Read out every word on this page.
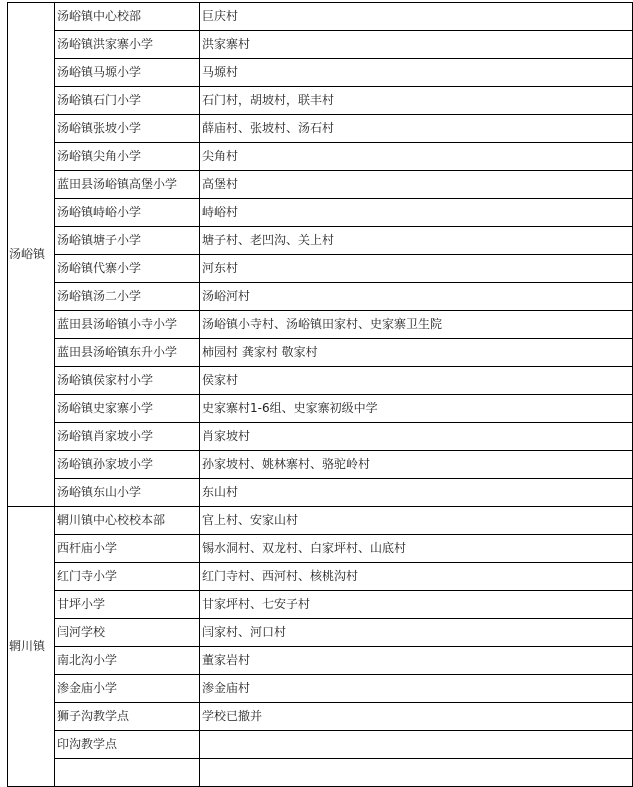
汤峪镇	汤峪镇中心校部	巨庆村
	汤峪镇洪家寨小学	洪家寨村
	汤峪镇马塬小学	马塬村
	汤峪镇石门小学	石门村，胡坡村，联丰村
	汤峪镇张坡小学	薛庙村、张坡村、汤石村
	汤峪镇尖角小学	尖角村
	蓝田县汤峪镇高堡小学	高堡村
	汤峪镇峙峪小学	峙峪村
	汤峪镇塘子小学	塘子村、老凹沟、关上村
	汤峪镇代寨小学	河东村
	汤峪镇汤二小学	汤峪河村
	蓝田县汤峪镇小寺小学	汤峪镇小寺村、汤峪镇田家村、史家寨卫生院
	蓝田县汤峪镇东升小学	柿园村 龚家村 敬家村
	汤峪镇侯家村小学	侯家村
	汤峪镇史家寨小学	史家寨村1-6组、史家寨初级中学
	汤峪镇肖家坡小学	肖家坡村
	汤峪镇孙家坡小学	孙家坡村、姚林寨村、骆驼岭村
	汤峪镇东山小学	东山村
辋川镇	辋川镇中心校校本部	官上村、安家山村
	西杆庙小学	锡水洞村、双龙村、白家坪村、山底村
	红门寺小学	红门寺村、西河村、核桃沟村
	甘坪小学	甘家坪村、七安子村
	闫河学校	闫家村、河口村
	南北沟小学	董家岩村
	渗金庙小学	渗金庙村
	狮子沟教学点	学校已撤并
	印沟教学点	
